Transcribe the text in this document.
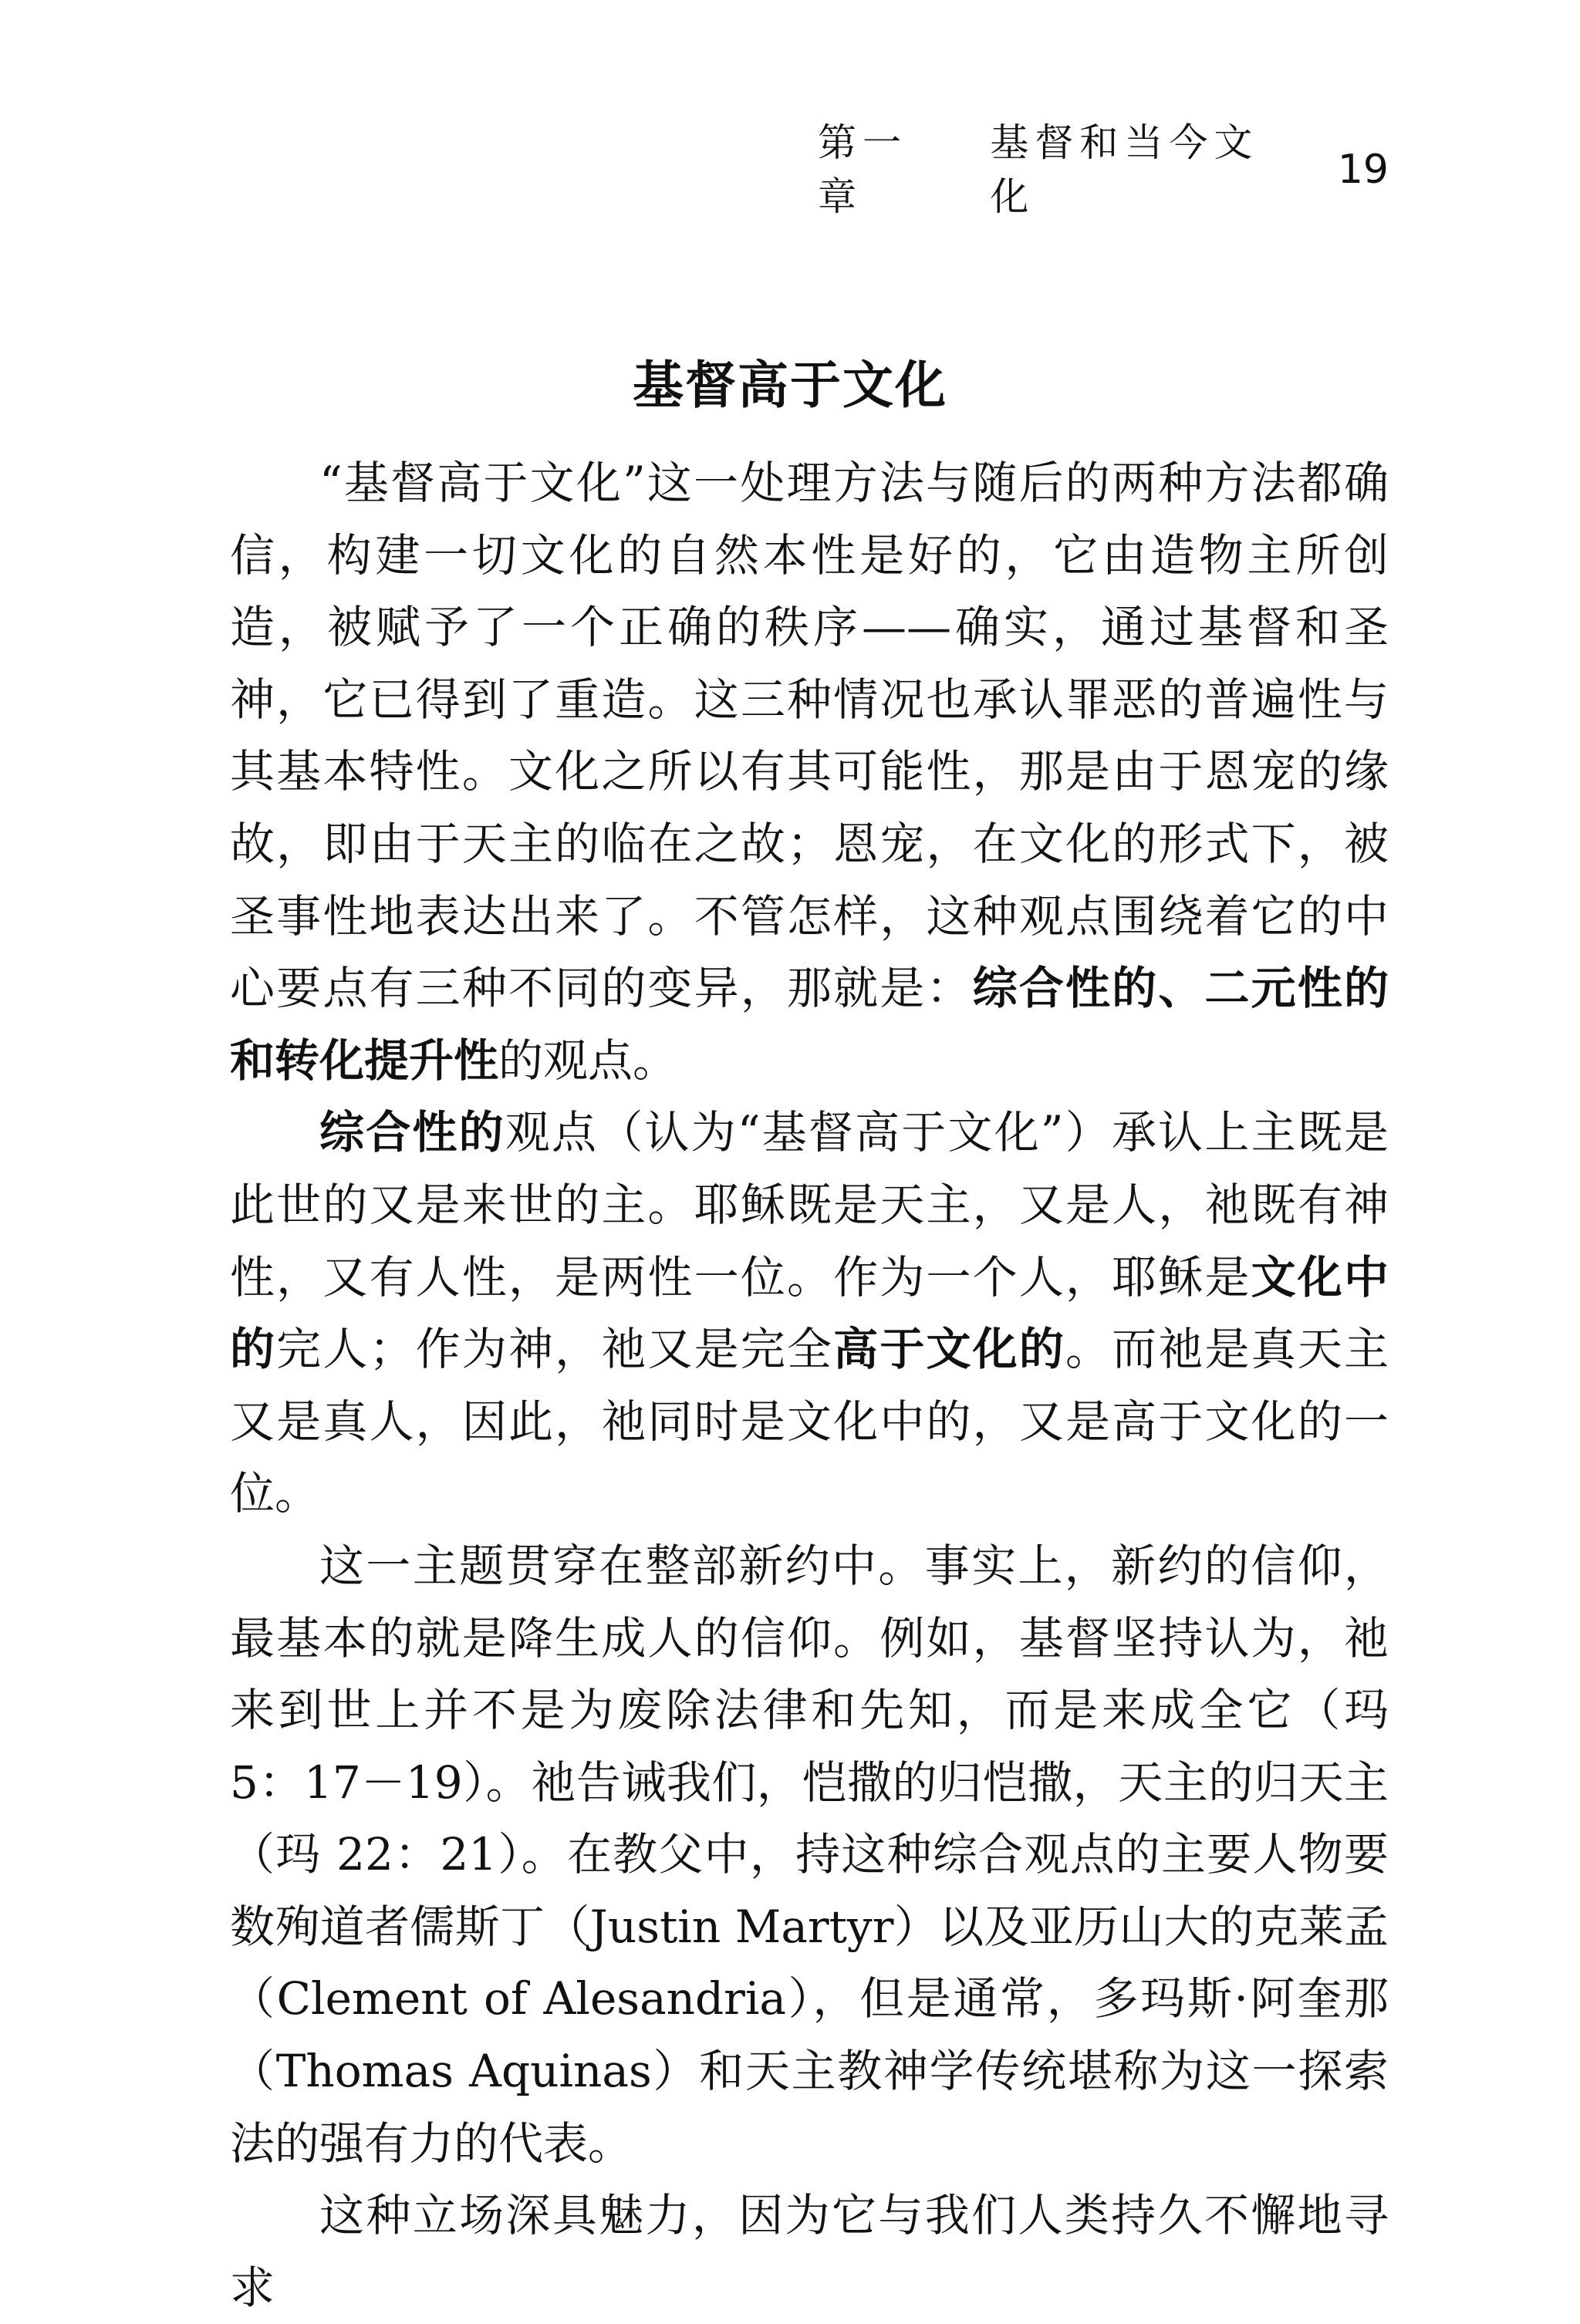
第一章
基督和当今文化
19
基督高于文化

“基督高于文化”这一处理方法与随后的两种方法都确信，构建一切文化的自然本性是好的，它由造物主所创造，被赋予了一个正确的秩序——确实，通过基督和圣神，它已得到了重造。这三种情况也承认罪恶的普遍性与其基本特性。文化之所以有其可能性，那是由于恩宠的缘故，即由于天主的临在之故；恩宠，在文化的形式下，被圣事性地表达出来了。不管怎样，这种观点围绕着它的中心要点有三种不同的变异，那就是：综合性的、二元性的和转化提升性的观点。

综合性的观点（认为“基督高于文化”）承认上主既是此世的又是来世的主。耶稣既是天主，又是人，祂既有神性，又有人性，是两性一位。作为一个人，耶稣是文化中的完人；作为神，祂又是完全高于文化的。而祂是真天主又是真人，因此，祂同时是文化中的，又是高于文化的一位。

这一主题贯穿在整部新约中。事实上，新约的信仰，最基本的就是降生成人的信仰。例如，基督坚持认为，祂来到世上并不是为废除法律和先知，而是来成全它（玛 5：17－19）。祂告诫我们，恺撒的归恺撒，天主的归天主（玛 22：21）。在教父中，持这种综合观点的主要人物要数殉道者儒斯丁（Justin Martyr）以及亚历山大的克莱孟（Clement of Alesandria），但是通常，多玛斯·阿奎那（Thomas Aquinas）和天主教神学传统堪称为这一探索法的强有力的代表。

这种立场深具魅力，因为它与我们人类持久不懈地寻求
